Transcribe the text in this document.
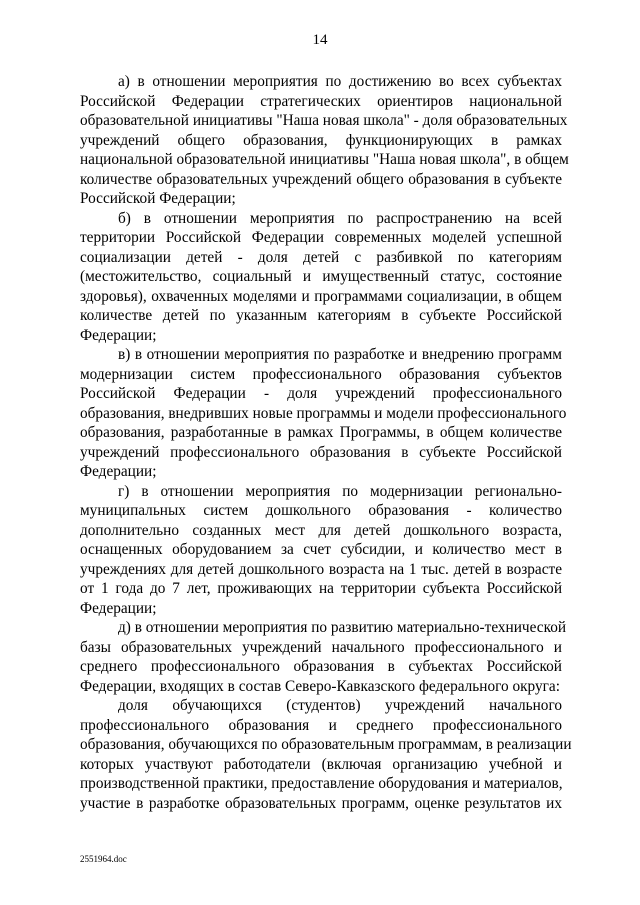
14
а) в отношении мероприятия по достижению во всех субъектах
Российской Федерации стратегических ориентиров национальной
образовательной инициативы "Наша новая школа" - доля образовательных
учреждений общего образования, функционирующих в рамках
национальной образовательной инициативы "Наша новая школа", в общем
количестве образовательных учреждений общего образования в субъекте
Российской Федерации;
б) в отношении мероприятия по распространению на всей
территории Российской Федерации современных моделей успешной
социализации детей - доля детей с разбивкой по категориям
(местожительство, социальный и имущественный статус, состояние
здоровья), охваченных моделями и программами социализации, в общем
количестве детей по указанным категориям в субъекте Российской
Федерации;
в) в отношении мероприятия по разработке и внедрению программ
модернизации систем профессионального образования субъектов
Российской Федерации - доля учреждений профессионального
образования, внедривших новые программы и модели профессионального
образования, разработанные в рамках Программы, в общем количестве
учреждений профессионального образования в субъекте Российской
Федерации;
г) в отношении мероприятия по модернизации регионально-
муниципальных систем дошкольного образования - количество
дополнительно созданных мест для детей дошкольного возраста,
оснащенных оборудованием за счет субсидии, и количество мест в
учреждениях для детей дошкольного возраста на 1 тыс. детей в возрасте
от 1 года до 7 лет, проживающих на территории субъекта Российской
Федерации;
д) в отношении мероприятия по развитию материально-технической
базы образовательных учреждений начального профессионального и
среднего профессионального образования в субъектах Российской
Федерации, входящих в состав Северо-Кавказского федерального округа:
доля обучающихся (студентов) учреждений начального
профессионального образования и среднего профессионального
образования, обучающихся по образовательным программам, в реализации
которых участвуют работодатели (включая организацию учебной и
производственной практики, предоставление оборудования и материалов,
участие в разработке образовательных программ, оценке результатов их
2551964.doc
